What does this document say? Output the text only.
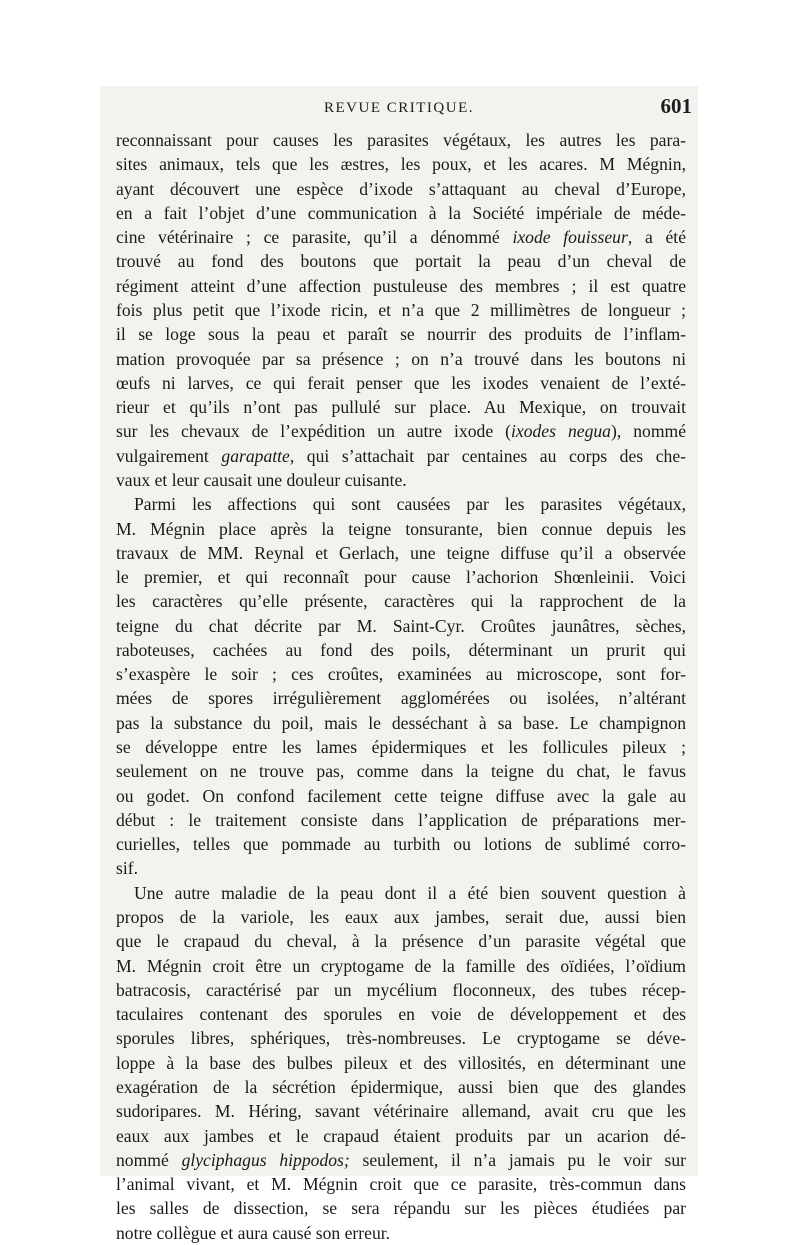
REVUE CRITIQUE.	601
reconnaissant pour causes les parasites végétaux, les autres les para-
sites animaux, tels que les æstres, les poux, et les acares. M Mégnin,
ayant découvert une espèce d’ixode s’attaquant au cheval d’Europe,
en a fait l’objet d’une communication à la Société impériale de méde-
cine vétérinaire ; ce parasite, qu’il a dénommé ixode fouisseur, a été
trouvé au fond des boutons que portait la peau d’un cheval de
régiment atteint d’une affection pustuleuse des membres ; il est quatre
fois plus petit que l’ixode ricin, et n’a que 2 millimètres de longueur ;
il se loge sous la peau et paraît se nourrir des produits de l’inflam-
mation provoquée par sa présence ; on n’a trouvé dans les boutons ni
œufs ni larves, ce qui ferait penser que les ixodes venaient de l’exté-
rieur et qu’ils n’ont pas pullulé sur place. Au Mexique, on trouvait
sur les chevaux de l’expédition un autre ixode (ixodes negua), nommé
vulgairement garapatte, qui s’attachait par centaines au corps des che-
vaux et leur causait une douleur cuisante.
Parmi les affections qui sont causées par les parasites végétaux,
M. Mégnin place après la teigne tonsurante, bien connue depuis les
travaux de MM. Reynal et Gerlach, une teigne diffuse qu’il a observée
le premier, et qui reconnaît pour cause l’achorion Shœnleinii. Voici
les caractères qu’elle présente, caractères qui la rapprochent de la
teigne du chat décrite par M. Saint-Cyr. Croûtes jaunâtres, sèches,
raboteuses, cachées au fond des poils, déterminant un prurit qui
s’exaspère le soir ; ces croûtes, examinées au microscope, sont for-
mées de spores irrégulièrement agglomérées ou isolées, n’altérant
pas la substance du poil, mais le desséchant à sa base. Le champignon
se développe entre les lames épidermiques et les follicules pileux ;
seulement on ne trouve pas, comme dans la teigne du chat, le favus
ou godet. On confond facilement cette teigne diffuse avec la gale au
début : le traitement consiste dans l’application de préparations mer-
curielles, telles que pommade au turbith ou lotions de sublimé corro-
sif.
Une autre maladie de la peau dont il a été bien souvent question à
propos de la variole, les eaux aux jambes, serait due, aussi bien
que le crapaud du cheval, à la présence d’un parasite végétal que
M. Mégnin croit être un cryptogame de la famille des oïdiées, l’oïdium
batracosis, caractérisé par un mycélium floconneux, des tubes récep-
taculaires contenant des sporules en voie de développement et des
sporules libres, sphériques, très-nombreuses. Le cryptogame se déve-
loppe à la base des bulbes pileux et des villosités, en déterminant une
exagération de la sécrétion épidermique, aussi bien que des glandes
sudoripares. M. Héring, savant vétérinaire allemand, avait cru que les
eaux aux jambes et le crapaud étaient produits par un acarion dé-
nommé glyciphagus hippodos; seulement, il n’a jamais pu le voir sur
l’animal vivant, et M. Mégnin croit que ce parasite, très-commun dans
les salles de dissection, se sera répandu sur les pièces étudiées par
notre collègue et aura causé son erreur.
